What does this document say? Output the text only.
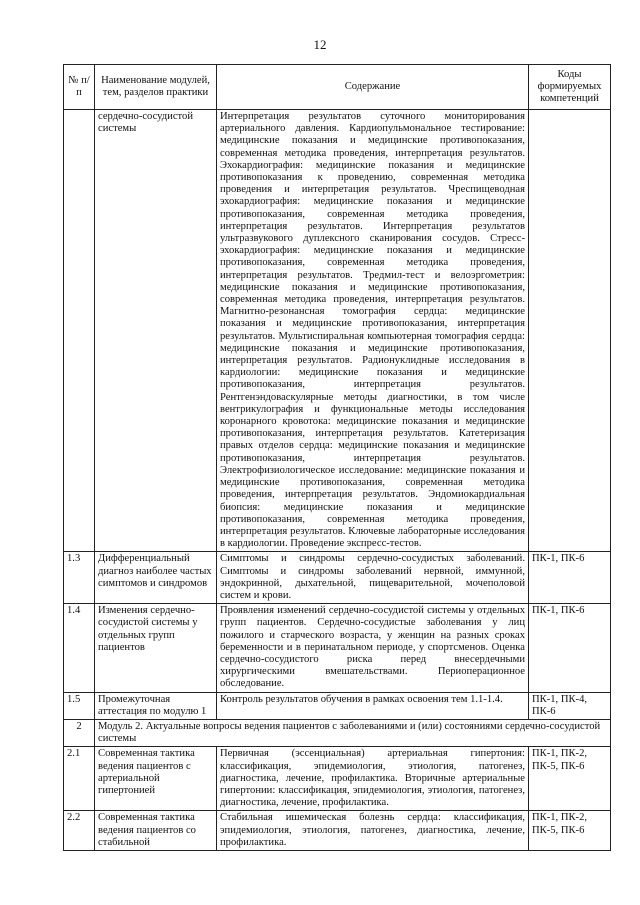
12
№ п/п	Наименование модулей, тем, разделов практики	Содержание	Коды формируемых компетенций
	сердечно-сосудистой системы	Интерпретация результатов суточного мониторирования артериального давления. Кардиопульмональное тестирование: медицинские показания и медицинские противопоказания, современная методика проведения, интерпретация результатов. Эхокардиография: медицинские показания и медицинские противопоказания к проведению, современная методика проведения и интерпретация результатов. Чреспищеводная эхокардиография: медицинские показания и медицинские противопоказания, современная методика проведения, интерпретация результатов. Интерпретация результатов ультразвукового дуплексного сканирования сосудов. Стресс-эхокардиография: медицинские показания и медицинские противопоказания, современная методика проведения, интерпретация результатов. Тредмил-тест и велоэргометрия: медицинские показания и медицинские противопоказания, современная методика проведения, интерпретация результатов. Магнитно-резонансная томография сердца: медицинские показания и медицинские противопоказания, интерпретация результатов. Мультиспиральная компьютерная томография сердца: медицинские показания и медицинские противопоказания, интерпретация результатов. Радионуклидные исследования в кардиологии: медицинские показания и медицинские противопоказания, интерпретация результатов. Рентгенэндоваскулярные методы диагностики, в том числе вентрикулография и функциональные методы исследования коронарного кровотока: медицинские показания и медицинские противопоказания, интерпретация результатов. Катетеризация правых отделов сердца: медицинские показания и медицинские противопоказания, интерпретация результатов. Электрофизиологическое исследование: медицинские показания и медицинские противопоказания, современная методика проведения, интерпретация результатов. Эндомиокардиальная биопсия: медицинские показания и медицинские противопоказания, современная методика проведения, интерпретация результатов. Ключевые лабораторные исследования в кардиологии. Проведение экспресс-тестов.	
1.3	Дифференциальный диагноз наиболее частых симптомов и синдромов	Симптомы и синдромы сердечно-сосудистых заболеваний. Симптомы и синдромы заболеваний нервной, иммунной, эндокринной, дыхательной, пищеварительной, мочеполовой систем и крови.	ПК-1, ПК-6
1.4	Изменения сердечно-сосудистой системы у отдельных групп пациентов	Проявления изменений сердечно-сосудистой системы у отдельных групп пациентов. Сердечно-сосудистые заболевания у лиц пожилого и старческого возраста, у женщин на разных сроках беременности и в перинатальном периоде, у спортсменов. Оценка сердечно-сосудистого риска перед внесердечными хирургическими вмешательствами. Периоперационное обследование.	ПК-1, ПК-6
1.5	Промежуточная аттестация по модулю 1	Контроль результатов обучения в рамках освоения тем 1.1-1.4.	ПК-1, ПК-4, ПК-6
2	Модуль 2. Актуальные вопросы ведения пациентов с заболеваниями и (или) состояниями сердечно-сосудистой системы		
2.1	Современная тактика ведения пациентов с артериальной гипертонией	Первичная (эссенциальная) артериальная гипертония: классификация, эпидемиология, этиология, патогенез, диагностика, лечение, профилактика. Вторичные артериальные гипертонии: классификация, эпидемиология, этиология, патогенез, диагностика, лечение, профилактика.	ПК-1, ПК-2, ПК-5, ПК-6
2.2	Современная тактика ведения пациентов со стабильной	Стабильная ишемическая болезнь сердца: классификация, эпидемиология, этиология, патогенез, диагностика, лечение, профилактика.	ПК-1, ПК-2, ПК-5, ПК-6
